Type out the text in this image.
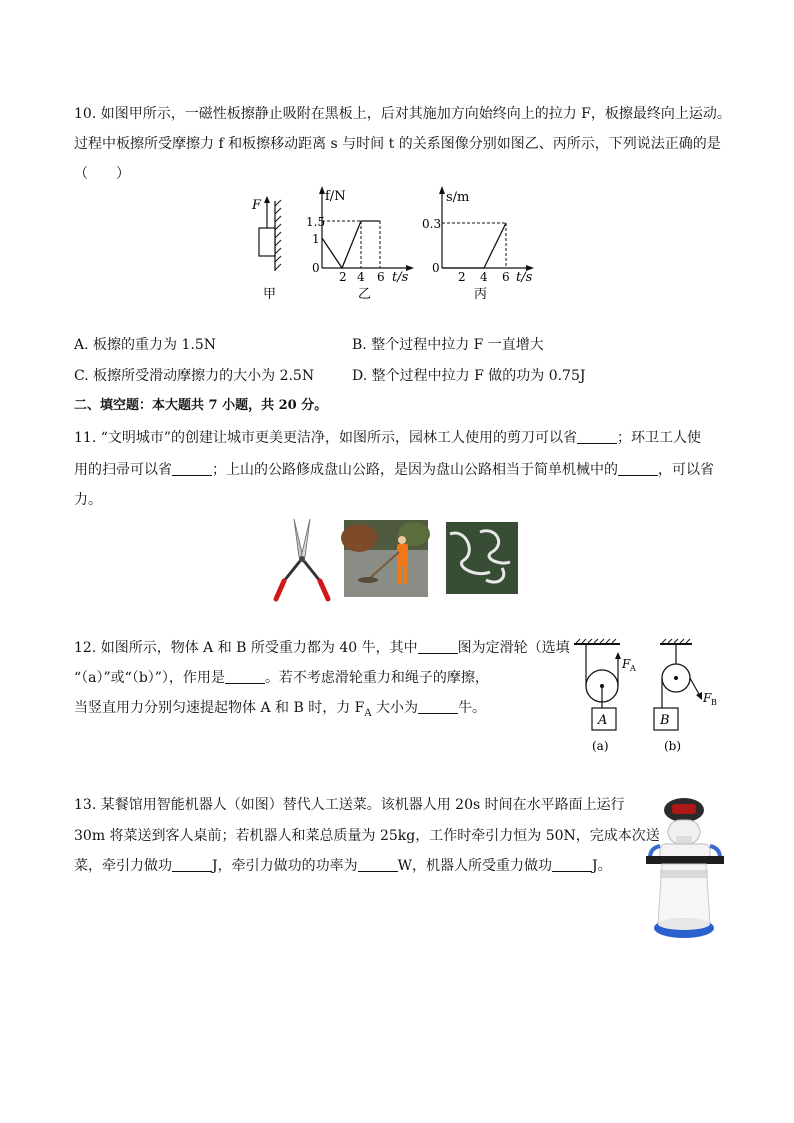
10. 如图甲所示，一磁性板擦静止吸附在黑板上，后对其施加方向始终向上的拉力 F，板擦最终向上运动。
过程中板擦所受摩擦力 f 和板擦移动距离 s 与时间 t 的关系图像分别如图乙、丙所示，下列说法正确的是
（　　）
F
甲
f/N
1.5
1
0
2 4 6 t/s
乙
s/m
0.3
0
2 4 6 t/s
丙
A. 板擦的重力为 1.5N	B. 整个过程中拉力 F 一直增大
C. 板擦所受滑动摩擦力的大小为 2.5N	D. 整个过程中拉力 F 做的功为 0.75J
二、填空题：本大题共 7 小题，共 20 分。
11. “文明城市”的创建让城市更美更洁净，如图所示，园林工人使用的剪刀可以省	；环卫工人使
用的扫帚可以省	；上山的公路修成盘山公路，是因为盘山公路相当于简单机械中的	，可以省
力。
12. 如图所示，物体 A 和 B 所受重力都为 40 牛，其中	图为定滑轮（选填
“（a）”或“（b）”），作用是	。若不考虑滑轮重力和绳子的摩擦，
当竖直用力分别匀速提起物体 A 和 B 时，力 $F_A$ 大小为	牛。
A
F A
(a)
B
F B
(b)
13. 某餐馆用智能机器人（如图）替代人工送菜。该机器人用 20s 时间在水平路面上运行
30m 将菜送到客人桌前；若机器人和菜总质量为 25kg，工作时牵引力恒为 50N，完成本次送
菜，牵引力做功	J，牵引力做功的功率为	W，机器人所受重力做功	J。
